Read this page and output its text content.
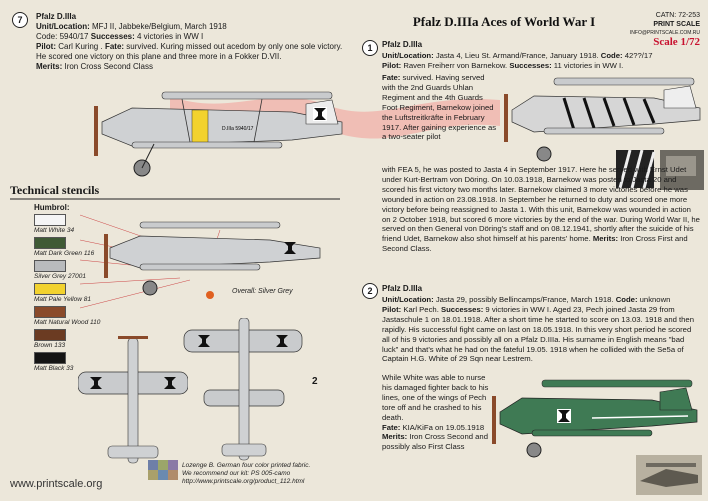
7	Pfalz D.IIIa
Unit/Location: MFJ II, Jabbeke/Belgium, March 1918
Code: 5940/17 Successes: 4 victories in WW I
Pilot: Carl Kuring . Fate: survived. Kuring missed out acedom by only one sole victory. He scored one victory on this plane and three more in a Fokker D.VII.
Merits: Iron Cross Second Class
D.IIIa 5940/17
Technical stencils
Humbrol:
Matt White 34
Matt Dark Green 116
Silver Grey 27001
Matt Pale Yellow 81
Matt Natural Wood 110
Brown 133
Matt Black 33
Overall: Silver Grey
2
Lozenge B. German four color printed fabric.
We recommend our kit: PS 005-camo
http://www.printscale.org/product_112.html
www.printscale.org
Pfalz D.IIIa Aces of World War I	CATN: 72-253
PRINT SCALE
INFO@PRINTSCALE.COM.RU
Scale 1/72
1	Pfalz D.IIIa
Unit/Location: Jasta 4, Lieu St. Armand/France, January 1918. Code: 42??/17
Pilot: Raven Freiherr von Barnekow. Successes: 11 victories in WW I.
Fate: survived. Having served with the 2nd Guards Uhlan Regiment and the 4th Guards Foot Regiment, Barnekow joined the Luftstreitkräfte in February 1917. After gaining experience as a two-seater pilot
with FEA 5, he was posted to Jasta 4 in September 1917. Here he served with Ernst Udet under Kurt-Bertram von Döring. On 10.03.1918, Barnekow was posted to Jasta 20 and scored his first victory two months later. Barnekow claimed 3 more victories before he was wounded in action on 23.08.1918. In September he returned to duty and scored one more victory before being reassigned to Jasta 1. With this unit, Barnekow was wounded in action on 2 October 1918, but scored 6 more victories by the end of the war. During World War II, he served on then General von Döring's staff and on 08.12.1941, shortly after the suicide of his friend Udet, Barnekow also shot himself at his parents' home. Merits: Iron Cross First and Second Class.
2	Pfalz D.IIIa
Unit/Location: Jasta 29, possibly Bellincamps/France, March 1918. Code: unknown
Pilot: Karl Pech. Successes: 9 victories in WW I. Aged 23, Pech joined Jasta 29 from Jastaschule 1 on 18.01.1918. After a short time he started to score on 13.03. 1918 and then rapidly. His successful fight came on last on 18.05.1918. In this very short period he scored all of his 9 victories and possibly all on a Pfalz D.IIIa. His surname in English means "bad luck" and that's what he had on the fateful 19.05. 1918 when he collided with the Se5a of Captain H.G. White of 29 Sqn near Lestrem.
While White was able to nurse his damaged fighter back to his lines, one of the wings of Pech tore off and he crashed to his death.
Fate: KIA/KiFa on 19.05.1918
Merits: Iron Cross Second and possibly also First Class
